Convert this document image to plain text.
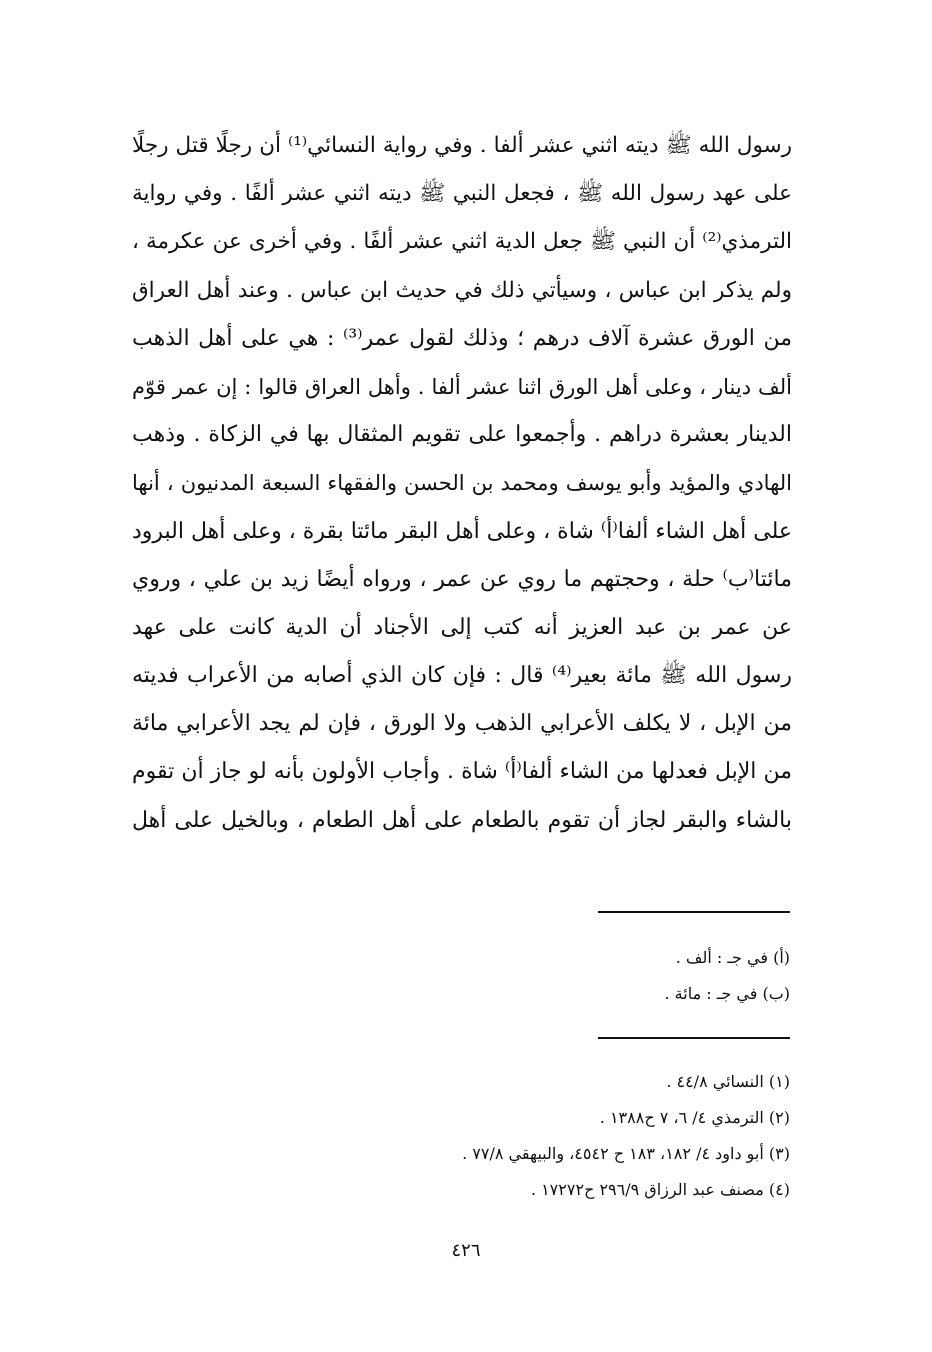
رسول الله ﷺ ديته اثني عشر ألفا . وفي رواية النسائي⁽¹⁾ أن رجلًا قتل رجلًا
على عهد رسول الله ﷺ ، فجعل النبي ﷺ ديته اثني عشر ألفًا . وفي رواية
الترمذي⁽²⁾ أن النبي ﷺ جعل الدية اثني عشر ألفًا . وفي أخرى عن عكرمة ،
ولم يذكر ابن عباس ، وسيأتي ذلك في حديث ابن عباس . وعند أهل العراق
من الورق عشرة آلاف درهم ؛ وذلك لقول عمر⁽³⁾ : هي على أهل الذهب
ألف دينار ، وعلى أهل الورق اثنا عشر ألفا . وأهل العراق قالوا : إن عمر قوّم
الدينار بعشرة دراهم . وأجمعوا على تقويم المثقال بها في الزكاة . وذهب
الهادي والمؤيد وأبو يوسف ومحمد بن الحسن والفقهاء السبعة المدنيون ، أنها
على أهل الشاء ألفا⁽أ⁾ شاة ، وعلى أهل البقر مائتا بقرة ، وعلى أهل البرود
مائتا⁽ب⁾ حلة ، وحجتهم ما روي عن عمر ، ورواه أيضًا زيد بن علي ، وروي
عن عمر بن عبد العزيز أنه كتب إلى الأجناد أن الدية كانت على عهد
رسول الله ﷺ مائة بعير⁽⁴⁾ قال : فإن كان الذي أصابه من الأعراب فديته
من الإبل ، لا يكلف الأعرابي الذهب ولا الورق ، فإن لم يجد الأعرابي مائة
من الإبل فعدلها من الشاء ألفا⁽أ⁾ شاة . وأجاب الأولون بأنه لو جاز أن تقوم
بالشاء والبقر لجاز أن تقوم بالطعام على أهل الطعام ، وبالخيل على أهل
(أ) في جـ : ألف .
(ب) في جـ : مائة .
(١) النسائي ٤٤/٨ .
(٢) الترمذي ٤/ ٦، ٧ ح١٣٨٨ .
(٣) أبو داود ٤/ ١٨٢، ١٨٣ ح ٤٥٤٢، والبيهقي ٧٧/٨ .
(٤) مصنف عبد الرزاق ٢٩٦/٩ ح١٧٢٧٢ .
٤٢٦
